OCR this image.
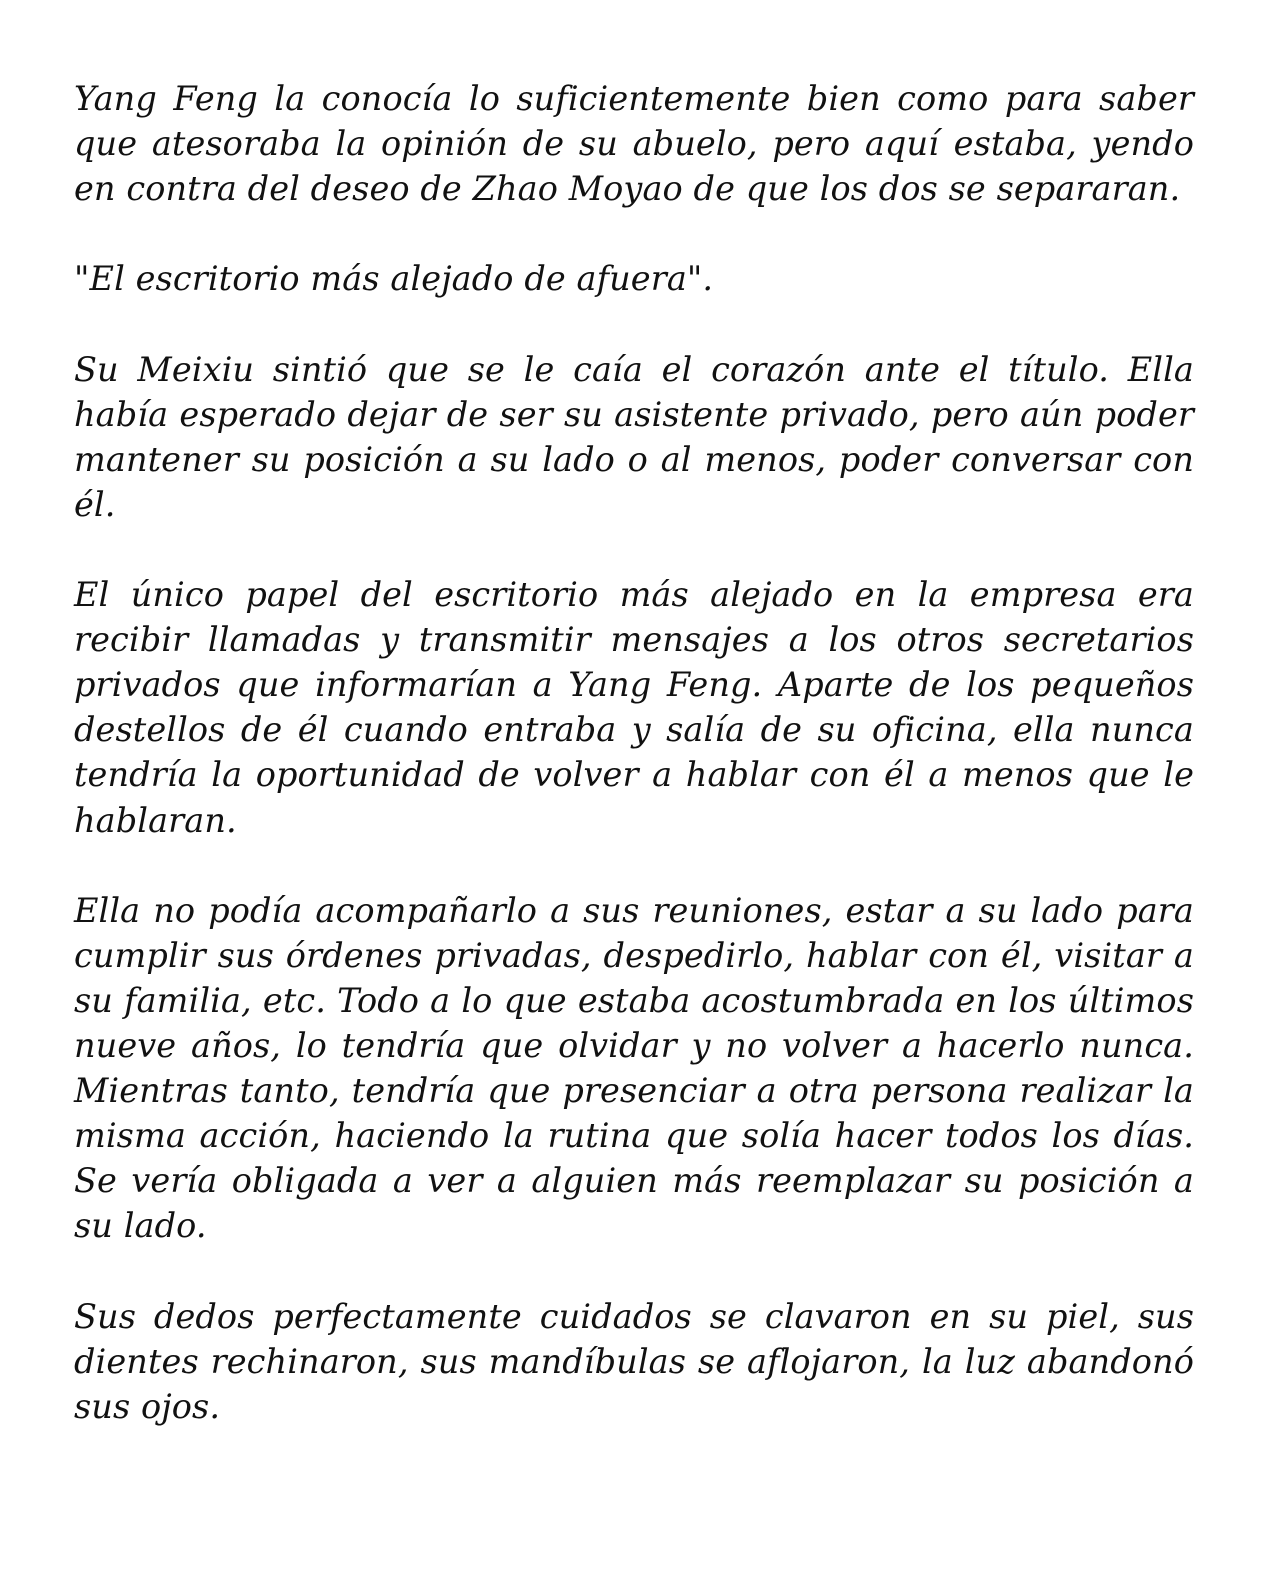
Yang Feng la conocía lo suficientemente bien como para saber que atesoraba la opinión de su abuelo, pero aquí estaba, yendo en contra del deseo de Zhao Moyao de que los dos se separaran.

"El escritorio más alejado de afuera".

Su Meixiu sintió que se le caía el corazón ante el título. Ella había esperado dejar de ser su asistente privado, pero aún poder mantener su posición a su lado o al menos, poder conversar con él.

El único papel del escritorio más alejado en la empresa era recibir llamadas y transmitir mensajes a los otros secretarios privados que informarían a Yang Feng. Aparte de los pequeños destellos de él cuando entraba y salía de su oficina, ella nunca tendría la oportunidad de volver a hablar con él a menos que le hablaran.

Ella no podía acompañarlo a sus reuniones, estar a su lado para cumplir sus órdenes privadas, despedirlo, hablar con él, visitar a su familia, etc. Todo a lo que estaba acostumbrada en los últimos nueve años, lo tendría que olvidar y no volver a hacerlo nunca. Mientras tanto, tendría que presenciar a otra persona realizar la misma acción, haciendo la rutina que solía hacer todos los días. Se vería obligada a ver a alguien más reemplazar su posición a su lado.

Sus dedos perfectamente cuidados se clavaron en su piel, sus dientes rechinaron, sus mandíbulas se aflojaron, la luz abandonó sus ojos.
